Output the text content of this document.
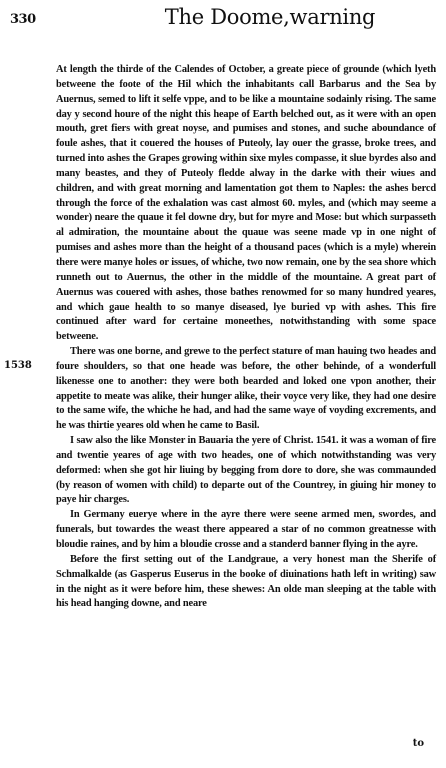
330	The Doome,warning
1538

At length the thirde of the Calendes of October, a greate piece of grounde (which lyeth betweene the foote of the Hil which the inhabitants call Barbarus and the Sea by Auernus, semed to lift it selfe vppe, and to be like a mountaine sodainly rising. The same day y second houre of the night this heape of Earth belched out, as it were with an open mouth, gret fiers with great noyse, and pumises and stones, and suche aboundance of foule ashes, that it couered the houses of Puteoly, lay ouer the grasse, broke trees, and turned into ashes the Grapes growing within sixe myles compasse, it slue byrdes also and many beastes, and they of Puteoly fledde alway in the darke with their wiues and children, and with great morning and lamentation got them to Naples: the ashes bercd through the force of the exhalation was cast almost 60. myles, and (which may seeme a wonder) neare the quaue it fel downe dry, but for myre and Mose: but which surpasseth al admiration, the mountaine about the quaue was seene made vp in one night of pumises and ashes more than the height of a thousand paces (which is a myle) wherein there were manye holes or issues, of whiche, two now remain, one by the sea shore which runneth out to Auernus, the other in the middle of the mountaine. A great part of Auernus was couered with ashes, those bathes renowmed for so many hundred yeares, and which gaue health to so manye diseased, lye buried vp with ashes. This fire continued after ward for certaine moneethes, notwithstanding with some space betweene.

There was one borne, and grewe to the perfect stature of man hauing two heades and foure shoulders, so that one heade was before, the other behinde, of a wonderfull likenesse one to another: they were both bearded and loked one vpon another, their appetite to meate was alike, their hunger alike, their voyce very like, they had one desire to the same wife, the whiche he had, and had the same waye of voyding excrements, and he was thirtie yeares old when he came to Basil.

I saw also the like Monster in Bauaria the yere of Christ. 1541. it was a woman of fire and twentie yeares of age with two heades, one of which notwithstanding was very deformed: when she got hir liuing by begging from dore to dore, she was commaunded (by reason of women with child) to departe out of the Countrey, in giuing hir money to paye hir charges.

In Germany euerye where in the ayre there were seene armed men, swordes, and funerals, but towardes the weast there appeared a star of no common greatnesse with bloudie raines, and by him a bloudie crosse and a standerd banner flying in the ayre.

Before the first setting out of the Landgraue, a very honest man the Sherife of Schmalkalde (as Gasperus Euserus in the booke of diuinations hath left in writing) saw in the night as it were before him, these shewes: An olde man sleeping at the table with his head hanging downe, and neare

to
